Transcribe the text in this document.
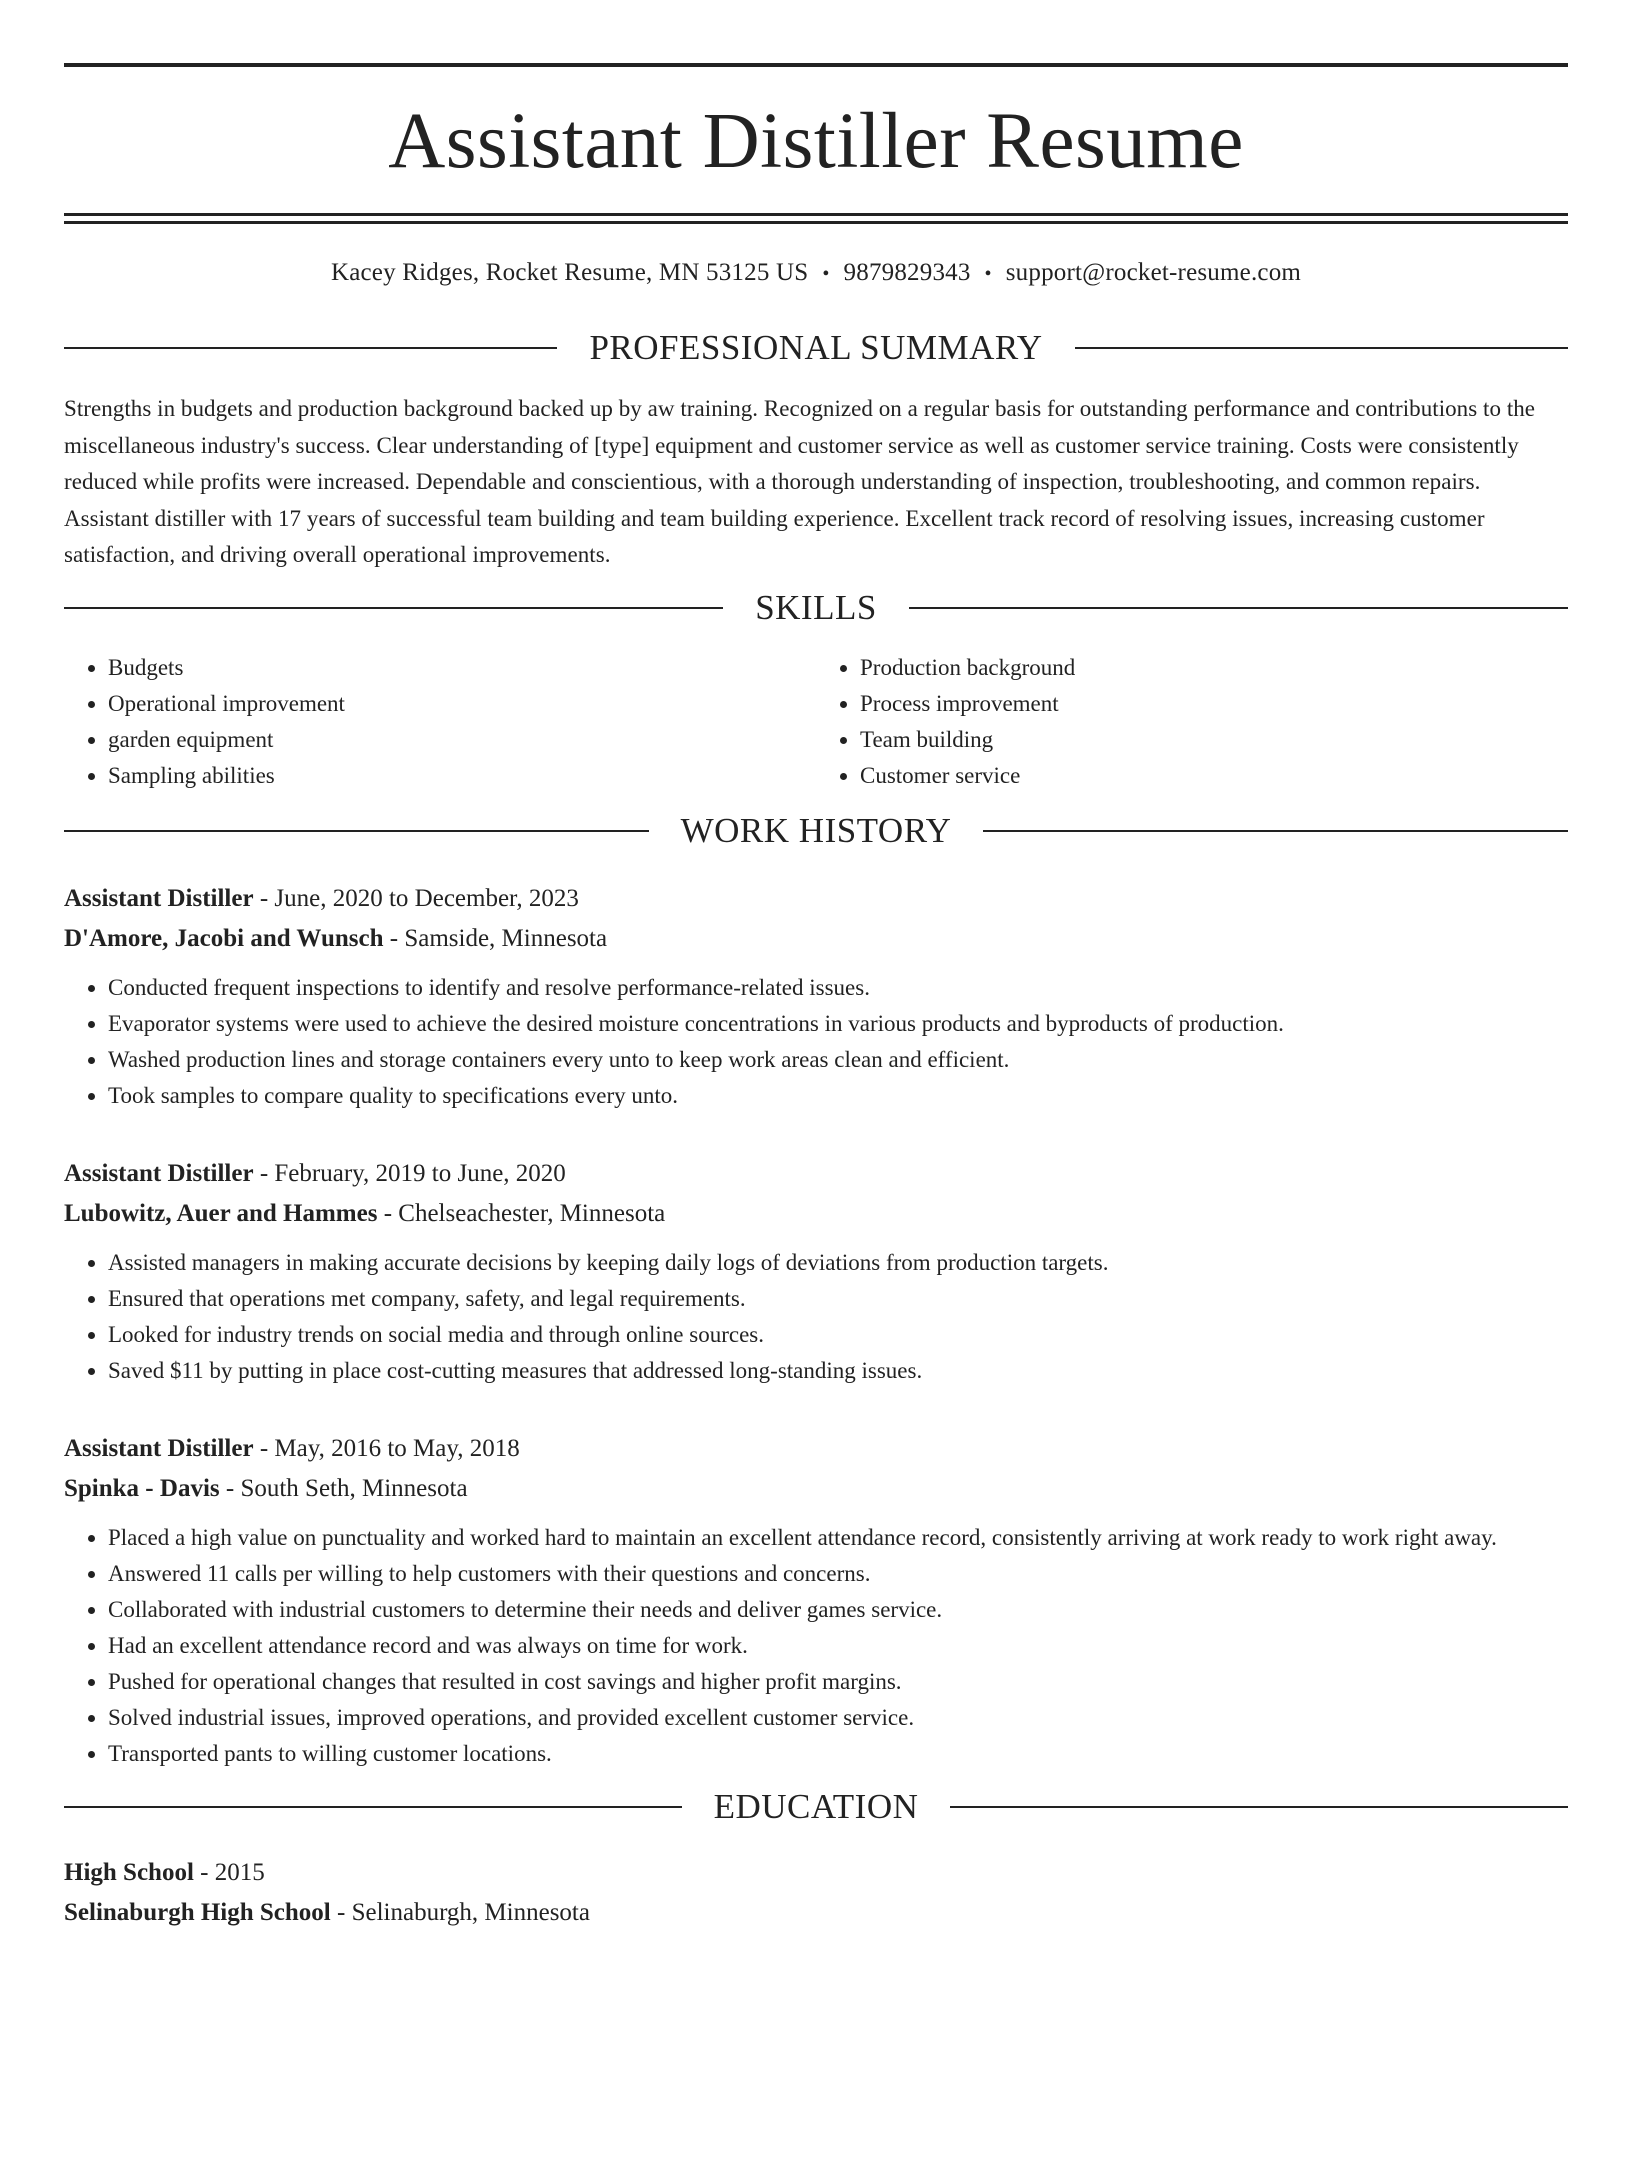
Assistant Distiller Resume
Kacey Ridges, Rocket Resume, MN 53125 US • 9879829343 • support@rocket-resume.com
PROFESSIONAL SUMMARY
Strengths in budgets and production background backed up by aw training. Recognized on a regular basis for outstanding performance and contributions to the miscellaneous industry's success. Clear understanding of [type] equipment and customer service as well as customer service training. Costs were consistently reduced while profits were increased. Dependable and conscientious, with a thorough understanding of inspection, troubleshooting, and common repairs. Assistant distiller with 17 years of successful team building and team building experience. Excellent track record of resolving issues, increasing customer satisfaction, and driving overall operational improvements.
SKILLS
• Budgets
• Operational improvement
• garden equipment
• Sampling abilities
• Production background
• Process improvement
• Team building
• Customer service
WORK HISTORY
Assistant Distiller - June, 2020 to December, 2023
D'Amore, Jacobi and Wunsch - Samside, Minnesota
• Conducted frequent inspections to identify and resolve performance-related issues.
• Evaporator systems were used to achieve the desired moisture concentrations in various products and byproducts of production.
• Washed production lines and storage containers every unto to keep work areas clean and efficient.
• Took samples to compare quality to specifications every unto.
Assistant Distiller - February, 2019 to June, 2020
Lubowitz, Auer and Hammes - Chelseachester, Minnesota
• Assisted managers in making accurate decisions by keeping daily logs of deviations from production targets.
• Ensured that operations met company, safety, and legal requirements.
• Looked for industry trends on social media and through online sources.
• Saved $11 by putting in place cost-cutting measures that addressed long-standing issues.
Assistant Distiller - May, 2016 to May, 2018
Spinka - Davis - South Seth, Minnesota
• Placed a high value on punctuality and worked hard to maintain an excellent attendance record, consistently arriving at work ready to work right away.
• Answered 11 calls per willing to help customers with their questions and concerns.
• Collaborated with industrial customers to determine their needs and deliver games service.
• Had an excellent attendance record and was always on time for work.
• Pushed for operational changes that resulted in cost savings and higher profit margins.
• Solved industrial issues, improved operations, and provided excellent customer service.
• Transported pants to willing customer locations.
EDUCATION
High School - 2015
Selinaburgh High School - Selinaburgh, Minnesota
